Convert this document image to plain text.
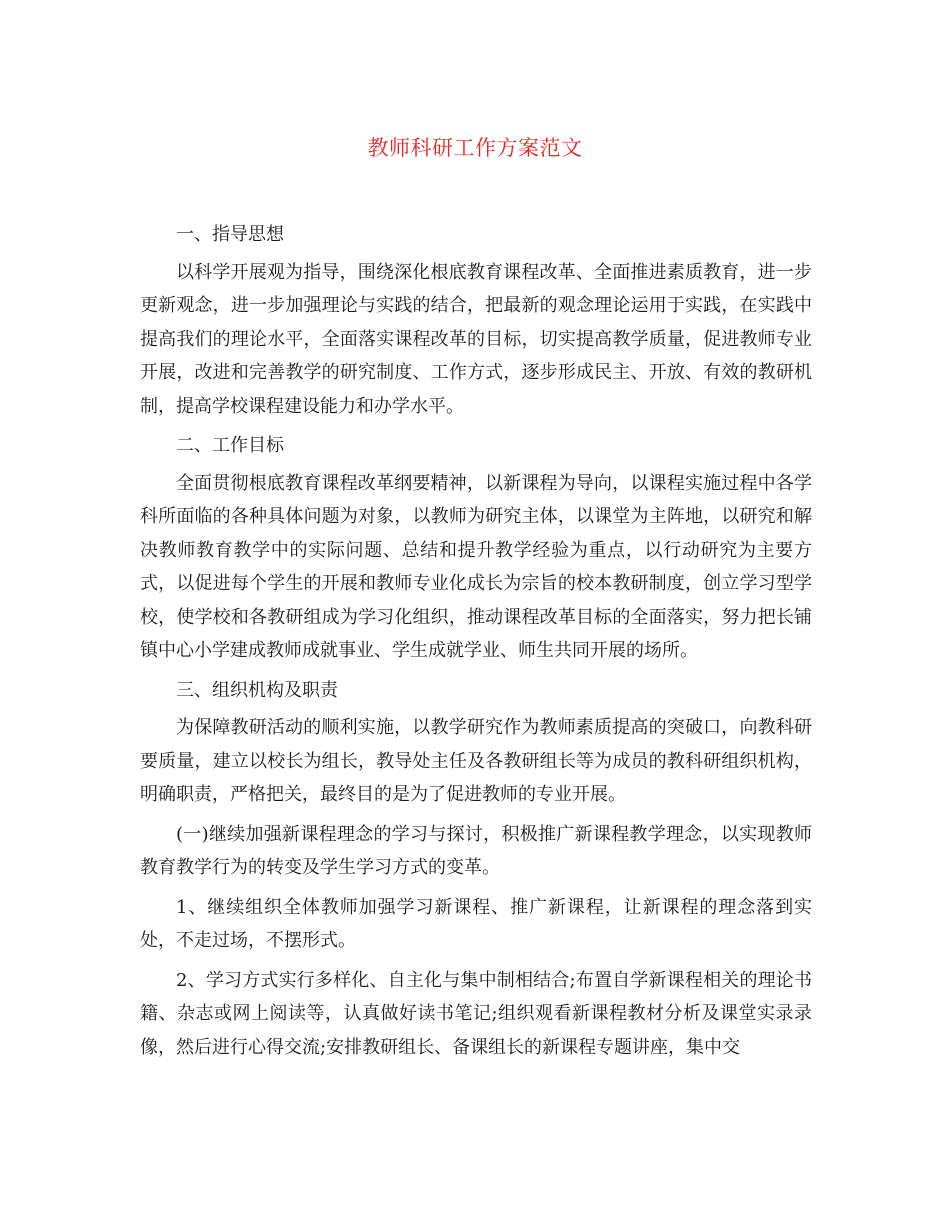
教师科研工作方案范文

一、指导思想

以科学开展观为指导，围绕深化根底教育课程改革、全面推进素质教育，进一步更新观念，进一步加强理论与实践的结合，把最新的观念理论运用于实践，在实践中提高我们的理论水平，全面落实课程改革的目标，切实提高教学质量，促进教师专业开展，改进和完善教学的研究制度、工作方式，逐步形成民主、开放、有效的教研机制，提高学校课程建设能力和办学水平。

二、工作目标

全面贯彻根底教育课程改革纲要精神，以新课程为导向，以课程实施过程中各学科所面临的各种具体问题为对象，以教师为研究主体，以课堂为主阵地，以研究和解决教师教育教学中的实际问题、总结和提升教学经验为重点，以行动研究为主要方式，以促进每个学生的开展和教师专业化成长为宗旨的校本教研制度，创立学习型学校，使学校和各教研组成为学习化组织，推动课程改革目标的全面落实，努力把长铺镇中心小学建成教师成就事业、学生成就学业、师生共同开展的场所。

三、组织机构及职责

为保障教研活动的顺利实施，以教学研究作为教师素质提高的突破口，向教科研要质量，建立以校长为组长，教导处主任及各教研组长等为成员的教科研组织机构，明确职责，严格把关，最终目的是为了促进教师的专业开展。

(一)继续加强新课程理念的学习与探讨，积极推广新课程教学理念，以实现教师教育教学行为的转变及学生学习方式的变革。

1、继续组织全体教师加强学习新课程、推广新课程，让新课程的理念落到实处，不走过场，不摆形式。

2、学习方式实行多样化、自主化与集中制相结合;布置自学新课程相关的理论书籍、杂志或网上阅读等，认真做好读书笔记;组织观看新课程教材分析及课堂实录录像，然后进行心得交流;安排教研组长、备课组长的新课程专题讲座，集中交
